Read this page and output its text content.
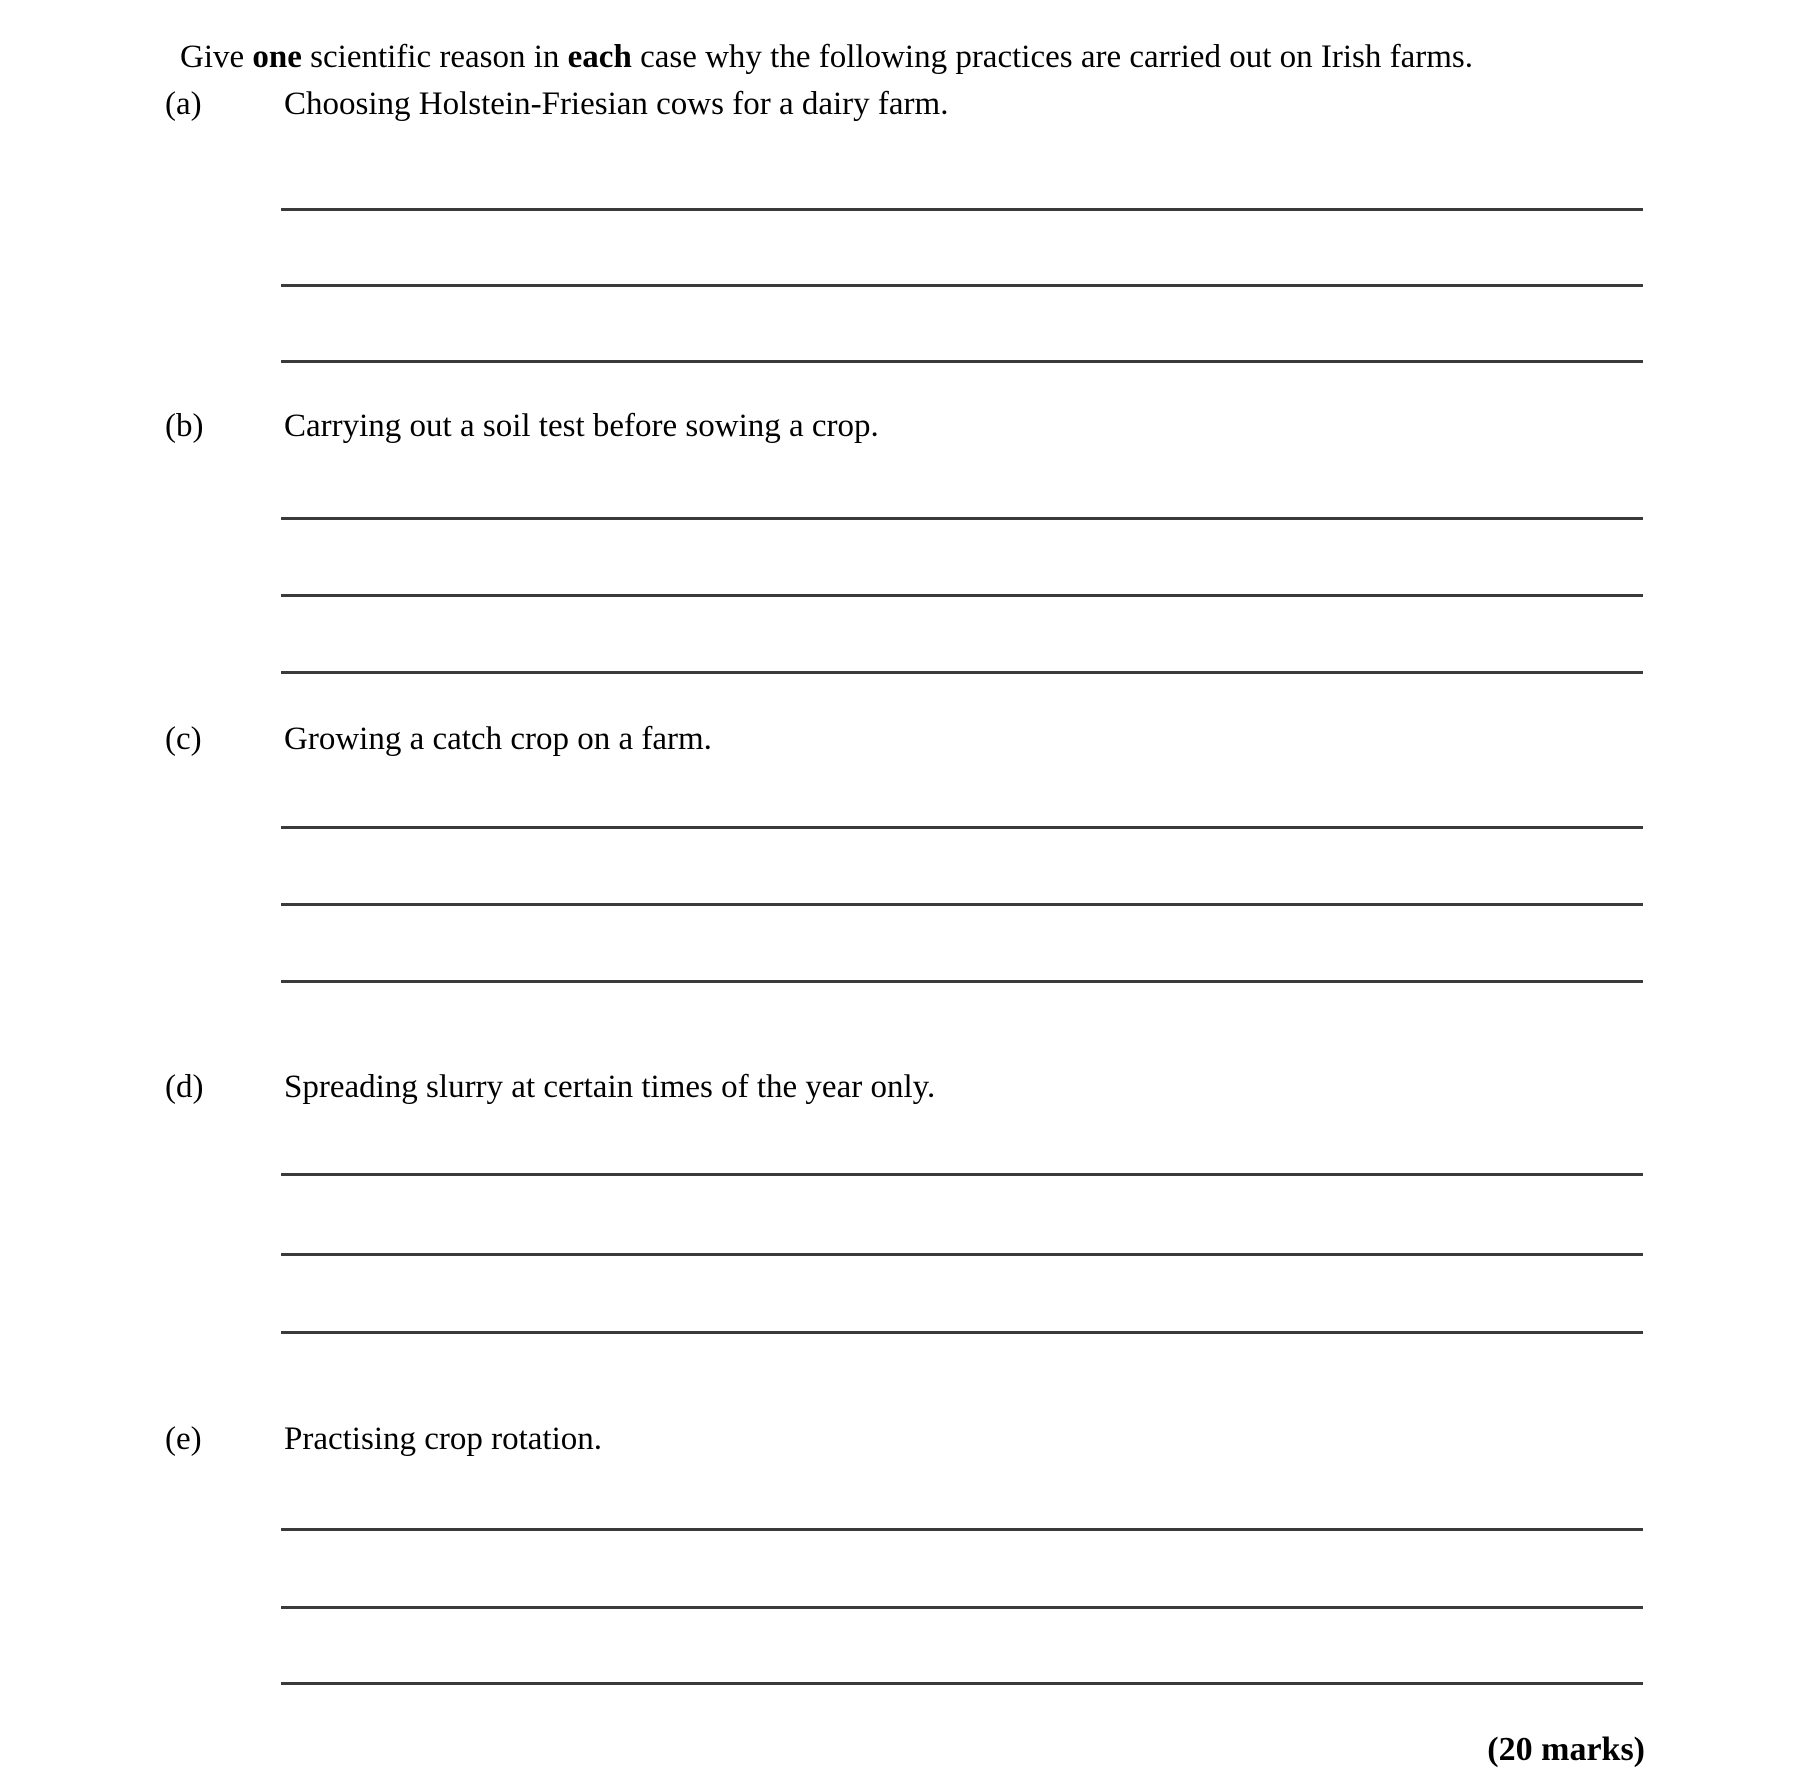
Give one scientific reason in each case why the following practices are carried out on Irish farms.

(a) Choosing Holstein-Friesian cows for a dairy farm.
(b) Carrying out a soil test before sowing a crop.
(c) Growing a catch crop on a farm.
(d) Spreading slurry at certain times of the year only.
(e) Practising crop rotation.
(20 marks)
